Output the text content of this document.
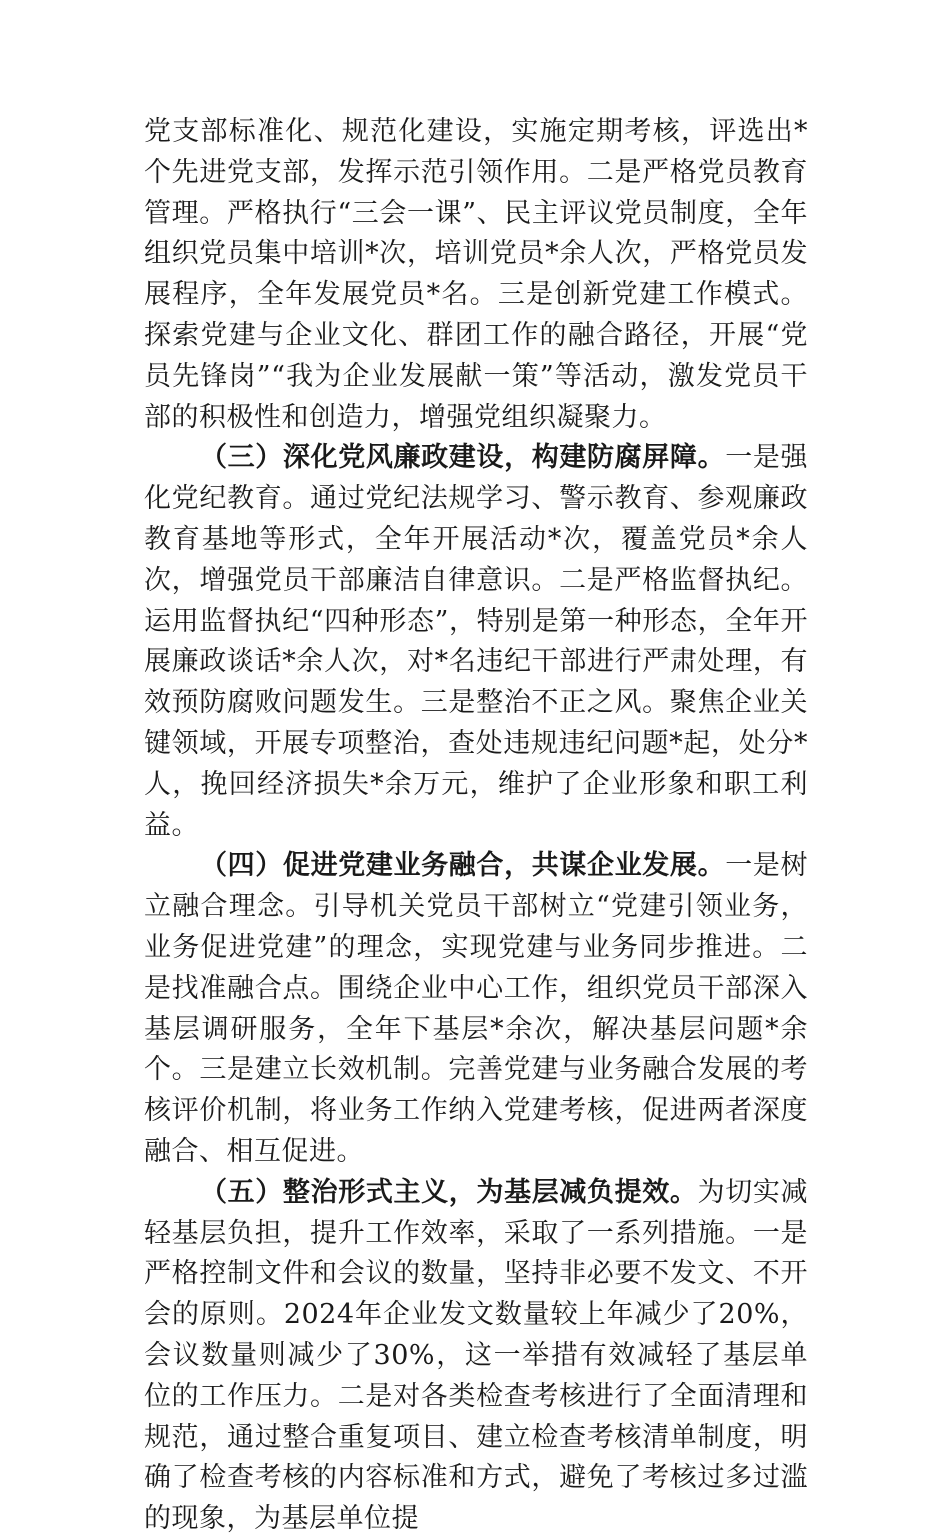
党支部标准化、规范化建设，实施定期考核，评选出*个先进党支部，发挥示范引领作用。二是严格党员教育管理。严格执行“三会一课”、民主评议党员制度，全年组织党员集中培训*次，培训党员*余人次，严格党员发展程序，全年发展党员*名。三是创新党建工作模式。探索党建与企业文化、群团工作的融合路径，开展“党员先锋岗”“我为企业发展献一策”等活动，激发党员干部的积极性和创造力，增强党组织凝聚力。

（三）深化党风廉政建设，构建防腐屏障。一是强化党纪教育。通过党纪法规学习、警示教育、参观廉政教育基地等形式，全年开展活动*次，覆盖党员*余人次，增强党员干部廉洁自律意识。二是严格监督执纪。运用监督执纪“四种形态”，特别是第一种形态，全年开展廉政谈话*余人次，对*名违纪干部进行严肃处理，有效预防腐败问题发生。三是整治不正之风。聚焦企业关键领域，开展专项整治，查处违规违纪问题*起，处分*人，挽回经济损失*余万元，维护了企业形象和职工利益。

（四）促进党建业务融合，共谋企业发展。一是树立融合理念。引导机关党员干部树立“党建引领业务，业务促进党建”的理念，实现党建与业务同步推进。二是找准融合点。围绕企业中心工作，组织党员干部深入基层调研服务，全年下基层*余次，解决基层问题*余个。三是建立长效机制。完善党建与业务融合发展的考核评价机制，将业务工作纳入党建考核，促进两者深度融合、相互促进。

（五）整治形式主义，为基层减负提效。为切实减轻基层负担，提升工作效率，采取了一系列措施。一是严格控制文件和会议的数量，坚持非必要不发文、不开会的原则。2024年企业发文数量较上年减少了20%，会议数量则减少了30%，这一举措有效减轻了基层单位的工作压力。二是对各类检查考核进行了全面清理和规范，通过整合重复项目、建立检查考核清单制度，明确了检查考核的内容标准和方式，避免了考核过多过滥的现象，为基层单位提
